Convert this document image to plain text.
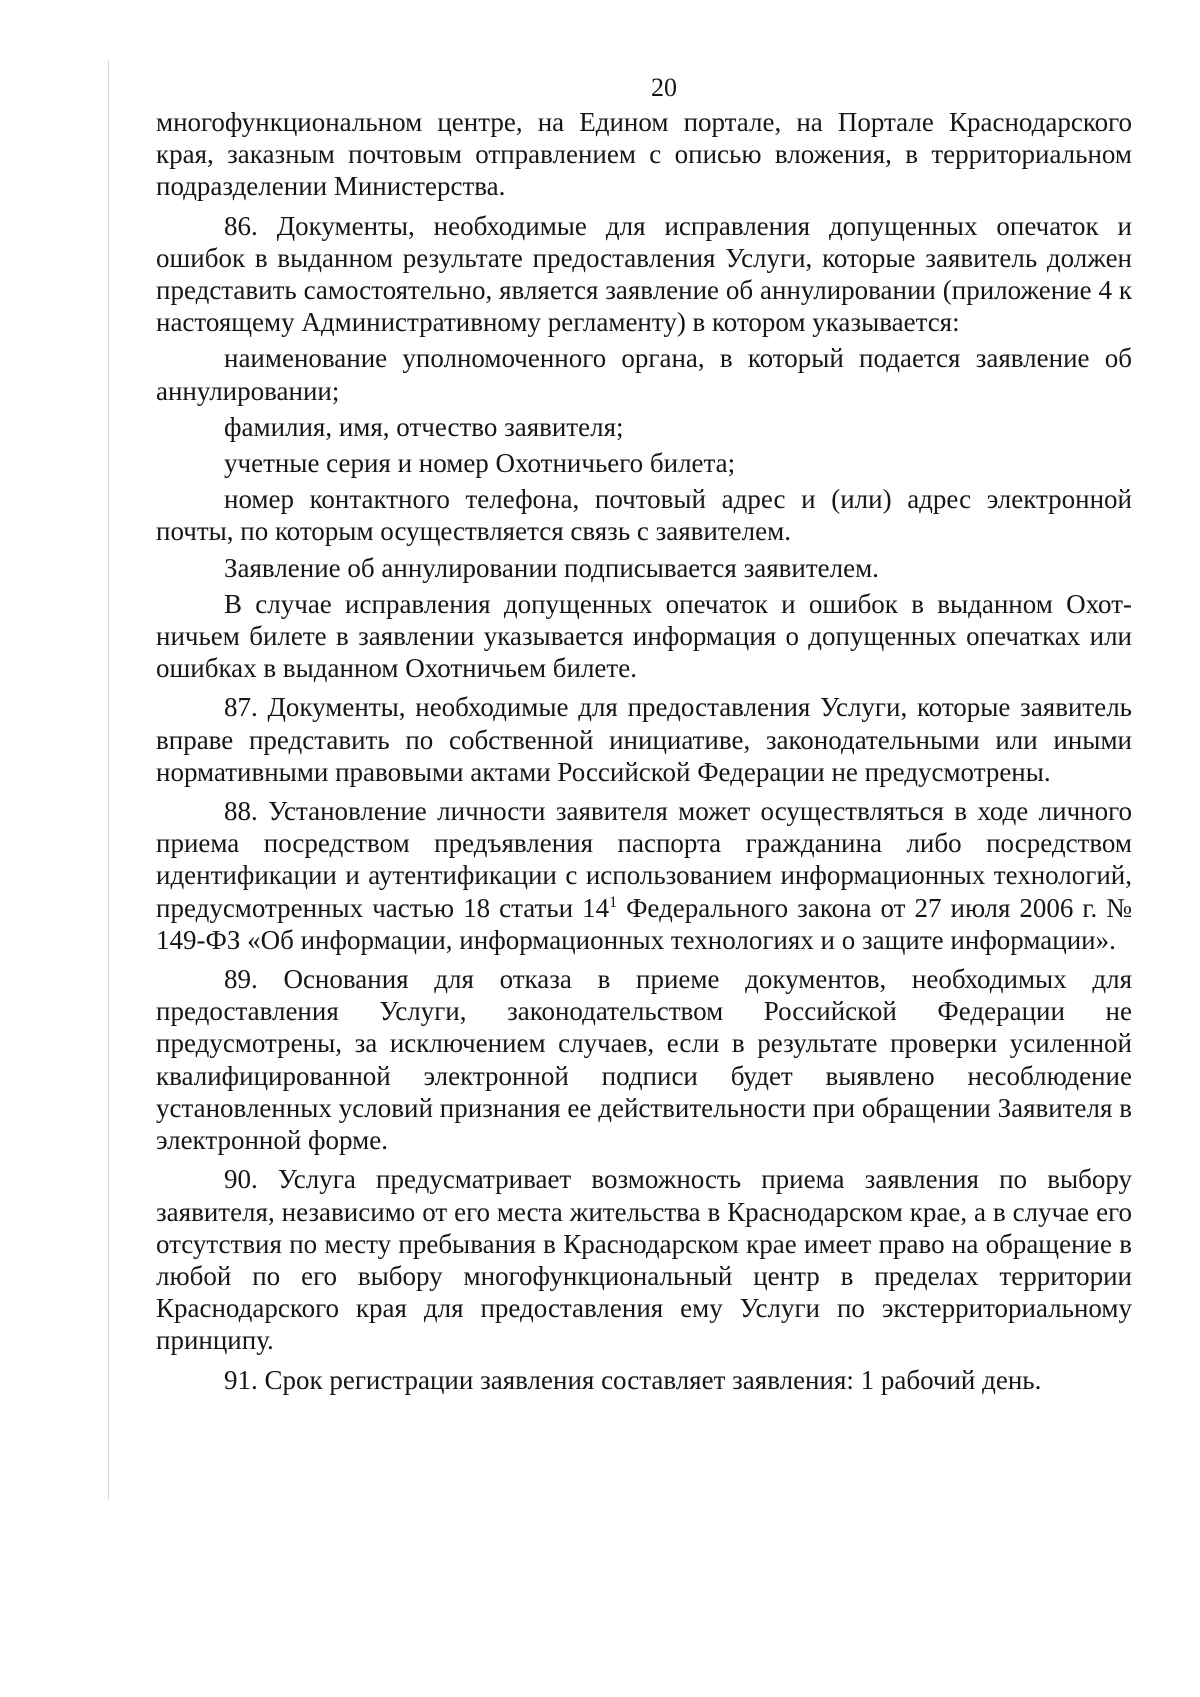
20

многофункциональном центре, на Едином портале, на Портале Краснодарского края, заказным почтовым отправлением с описью вложения, в территориальном подразделении Министерства.

86. Документы, необходимые для исправления допущенных опечаток и ошибок в выданном результате предоставления Услуги, которые заявитель должен представить самостоятельно, является заявление об аннулировании (приложение 4 к настоящему Административному регламенту) в котором указывается:

наименование уполномоченного органа, в который подается заявление об аннулировании;

фамилия, имя, отчество заявителя;

учетные серия и номер Охотничьего билета;

номер контактного телефона, почтовый адрес и (или) адрес электронной почты, по которым осуществляется связь с заявителем.

Заявление об аннулировании подписывается заявителем.

В случае исправления допущенных опечаток и ошибок в выданном Охотничьем билете в заявлении указывается информация о допущенных опечатках или ошибках в выданном Охотничьем билете.

87. Документы, необходимые для предоставления Услуги, которые заявитель вправе представить по собственной инициативе, законодательными или иными нормативными правовыми актами Российской Федерации не предусмотрены.

88. Установление личности заявителя может осуществляться в ходе личного приема посредством предъявления паспорта гражданина либо посредством идентификации и аутентификации с использованием информационных технологий, предусмотренных частью 18 статьи $14^1$ Федерального закона от 27 июля 2006 г. № 149-ФЗ «Об информации, информационных технологиях и о защите информации».

89. Основания для отказа в приеме документов, необходимых для предоставления Услуги, законодательством Российской Федерации не предусмотрены, за исключением случаев, если в результате проверки усиленной квалифицированной электронной подписи будет выявлено несоблюдение установленных условий признания ее действительности при обращении Заявителя в электронной форме.

90. Услуга предусматривает возможность приема заявления по выбору заявителя, независимо от его места жительства в Краснодарском крае, а в случае его отсутствия по месту пребывания в Краснодарском крае имеет право на обращение в любой по его выбору многофункциональный центр в пределах территории Краснодарского края для предоставления ему Услуги по экстерриториальному принципу.

91. Срок регистрации заявления составляет заявления: 1 рабочий день.
